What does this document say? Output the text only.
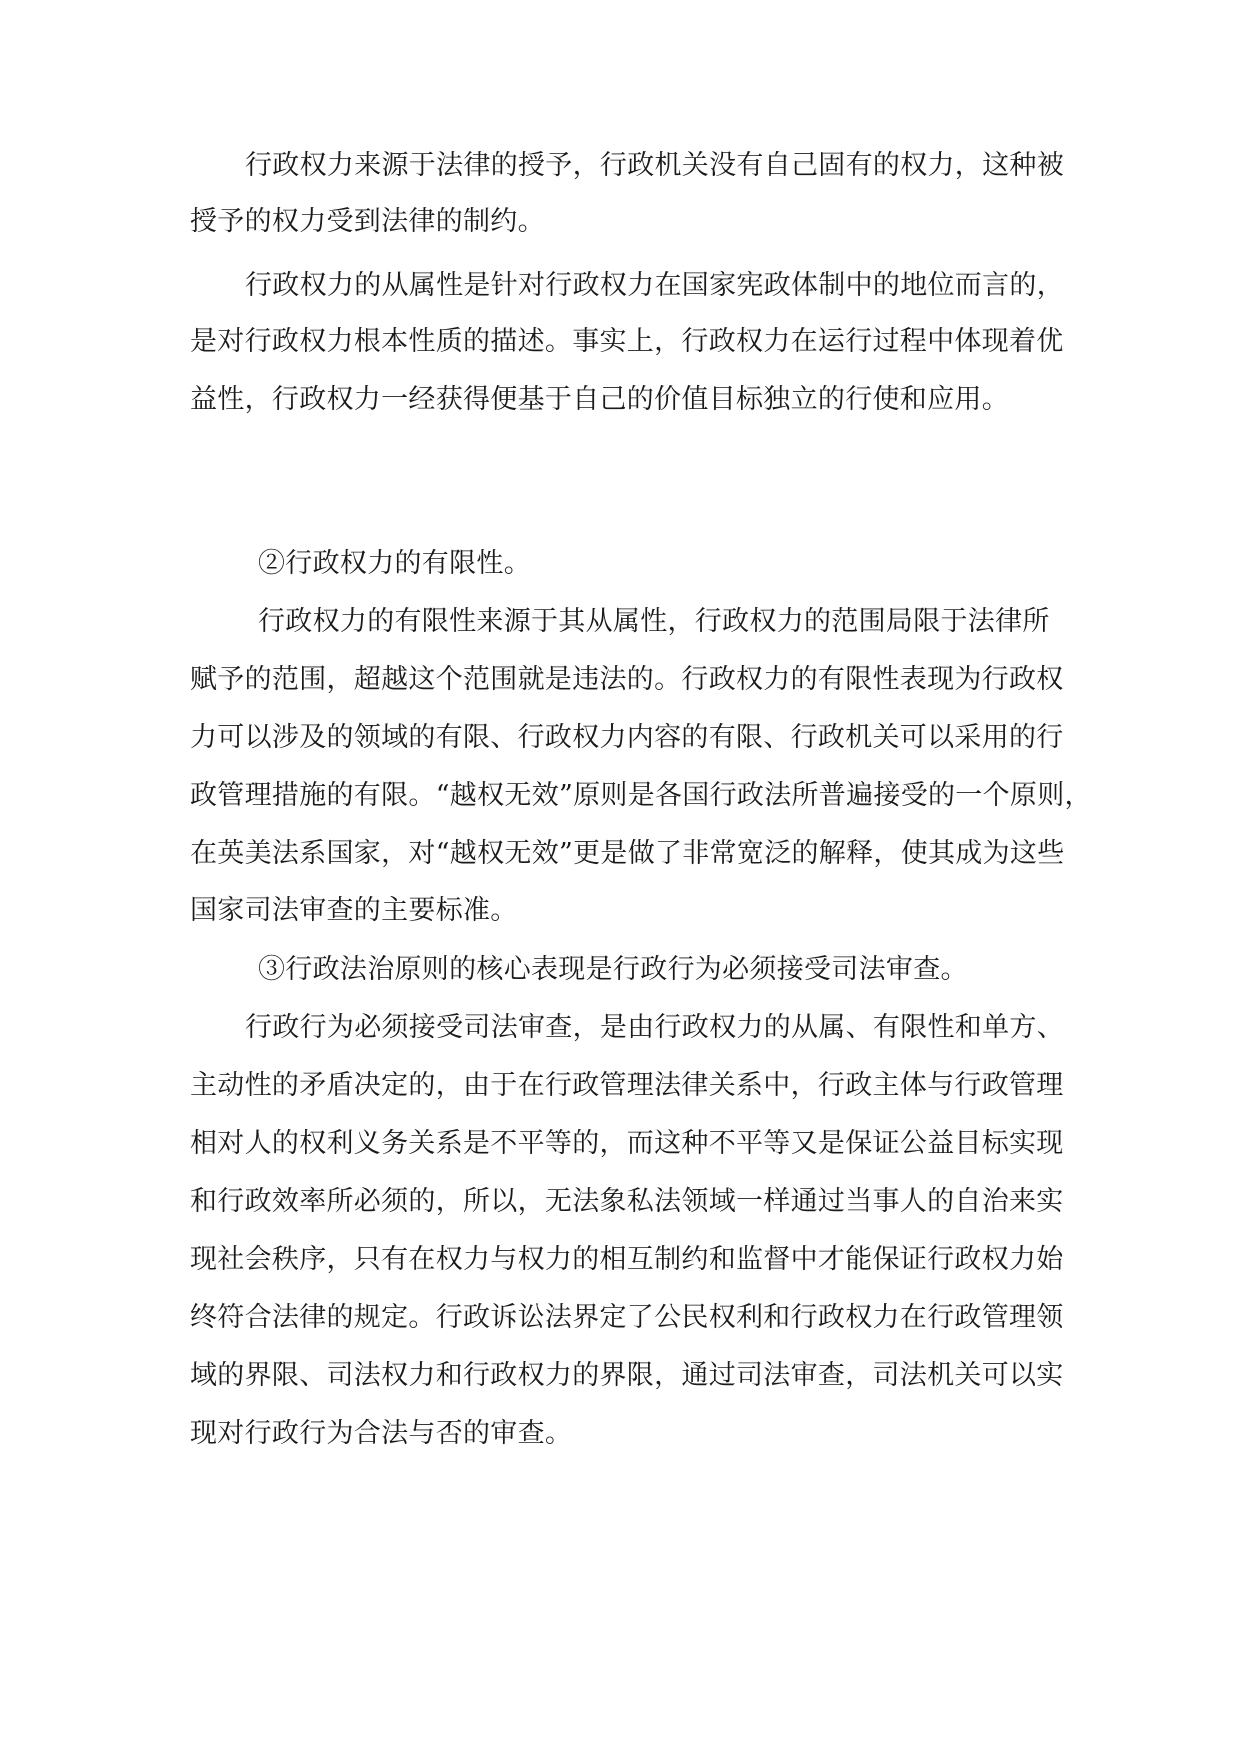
行政权力来源于法律的授予，行政机关没有自己固有的权力，这种被
授予的权力受到法律的制约。
行政权力的从属性是针对行政权力在国家宪政体制中的地位而言的，
是对行政权力根本性质的描述。事实上，行政权力在运行过程中体现着优
益性，行政权力一经获得便基于自己的价值目标独立的行使和应用。
②行政权力的有限性。
行政权力的有限性来源于其从属性，行政权力的范围局限于法律所
赋予的范围，超越这个范围就是违法的。行政权力的有限性表现为行政权
力可以涉及的领域的有限、行政权力内容的有限、行政机关可以采用的行
政管理措施的有限。“越权无效”原则是各国行政法所普遍接受的一个原则，
在英美法系国家，对“越权无效”更是做了非常宽泛的解释，使其成为这些
国家司法审查的主要标准。
③行政法治原则的核心表现是行政行为必须接受司法审查。
行政行为必须接受司法审查，是由行政权力的从属、有限性和单方、
主动性的矛盾决定的，由于在行政管理法律关系中，行政主体与行政管理
相对人的权利义务关系是不平等的，而这种不平等又是保证公益目标实现
和行政效率所必须的，所以，无法象私法领域一样通过当事人的自治来实
现社会秩序，只有在权力与权力的相互制约和监督中才能保证行政权力始
终符合法律的规定。行政诉讼法界定了公民权利和行政权力在行政管理领
域的界限、司法权力和行政权力的界限，通过司法审查，司法机关可以实
现对行政行为合法与否的审查。
